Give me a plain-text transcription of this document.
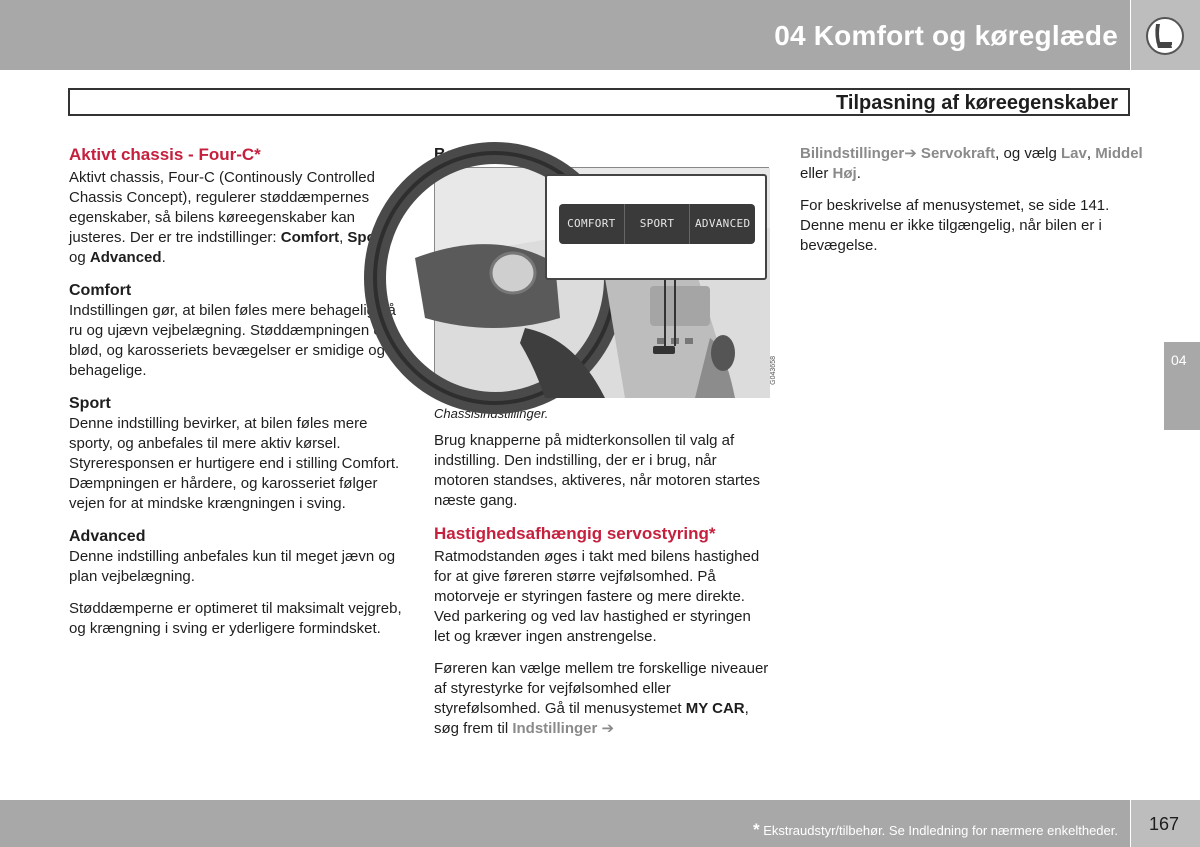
04 Komfort og køreglæde
Tilpasning af køreegenskaber
04
Aktivt chassis - Four-C*

Aktivt chassis, Four-C (Continously Controlled Chassis Concept), regulerer støddæmpernes egenskaber, så bilens køreegenskaber kan justeres. Der er tre indstillinger: Comfort, Sport og Advanced.

Comfort

Indstillingen gør, at bilen føles mere behagelig på ru og ujævn vejbelægning. Støddæmpningen er blød, og karosseriets bevægelser er smidige og behagelige.

Sport

Denne indstilling bevirker, at bilen føles mere sporty, og anbefales til mere aktiv kørsel. Styreresponsen er hurtigere end i stilling Comfort. Dæmpningen er hårdere, og karosseriet følger vejen for at mindske krængningen i sving.

Advanced

Denne indstilling anbefales kun til meget jævn og plan vejbelægning.

Støddæmperne er optimeret til maksimalt vejgreb, og krængning i sving er yderligere formindsket.

Betjening
COMFORT	SPORT	ADVANCED
G043658
Chassisindstillinger.

Brug knapperne på midterkonsollen til valg af indstilling. Den indstilling, der er i brug, når motoren standses, aktiveres, når motoren startes næste gang.

Hastighedsafhængig servostyring*

Ratmodstanden øges i takt med bilens hastighed for at give føreren større vejfølsomhed. På motorveje er styringen fastere og mere direkte. Ved parkering og ved lav hastighed er styringen let og kræver ingen anstrengelse.

Føreren kan vælge mellem tre forskellige niveauer af styrestyrke for vejfølsomhed eller styrefølsomhed. Gå til menusystemet MY CAR, søg frem til Indstillinger ➔

Bilindstillinger➔ Servokraft, og vælg Lav, Middel eller Høj.

For beskrivelse af menusystemet, se side 141. Denne menu er ikke tilgængelig, når bilen er i bevægelse.

* Ekstraudstyr/tilbehør. Se Indledning for nærmere enkeltheder. 167
